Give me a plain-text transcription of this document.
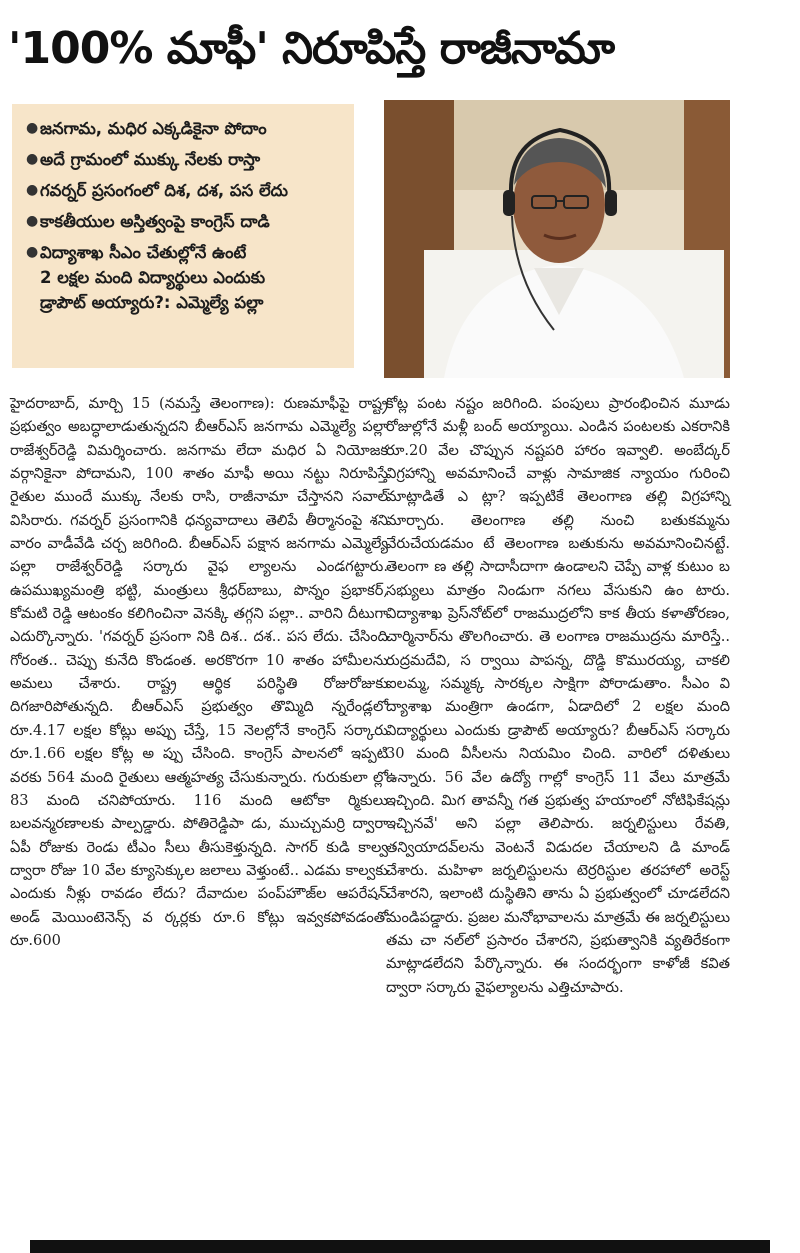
'100% మాఫీ' నిరూపిస్తే రాజీనామా
● జనగామ, మధిర ఎక్కడికైనా పోదాం
● అదే గ్రామంలో ముక్కు నేలకు రాస్తా
● గవర్నర్ ప్రసంగంలో దిశ, దశ, పస లేదు
● కాకతీయుల అస్తిత్వంపై కాంగ్రెస్ దాడి
● విద్యాశాఖ సీఎం చేతుల్లోనే ఉంటే
2 లక్షల మంది విద్యార్థులు ఎందుకు
డ్రాపౌట్ అయ్యారు?: ఎమ్మెల్యే పల్లా

హైదరాబాద్, మార్చి 15 (నమస్తే తెలంగాణ): రుణమాఫీపై రాష్ట్ర ప్రభుత్వం అబద్ధాలాడుతున్నదని బీఆర్ఎస్ జనగామ ఎమ్మెల్యే పల్లా రాజేశ్వర్‌రెడ్డి విమర్శించారు. జనగామ లేదా మధిర ఏ నియోజక వర్గానికైనా పోదామని, 100 శాతం మాఫీ అయి నట్టు నిరూపిస్తే రైతుల ముందే ముక్కు నేలకు రాసి, రాజీనామా చేస్తానని సవాల్ విసిరారు. గవర్నర్ ప్రసంగానికి ధన్యవాదాలు తెలిపే తీర్మానంపై శని వారం వాడీవేడి చర్చ జరిగింది. బీఆర్ఎస్ పక్షాన జనగామ ఎమ్మెల్యే పల్లా రాజేశ్వర్‌రెడ్డి సర్కారు వైఫ ల్యాలను ఎండగట్టారు. ఉపముఖ్యమంత్రి భట్టి, మంత్రులు శ్రీధర్‌బాబు, పొన్నం ప్రభాకర్, కోమటి రెడ్డి ఆటంకం కలిగించినా వెనక్కి తగ్గని పల్లా.. వారిని దీటుగా ఎదుర్కొన్నారు. 'గవర్నర్ ప్రసంగా నికి దిశ.. దశ.. పస లేదు. చేసింది గోరంత.. చెప్పు కునేది కొండంత. అరకొరగా 10 శాతం హామీలను అమలు చేశారు. రాష్ట్ర ఆర్థిక పరిస్థితి రోజురోజుకు దిగజారిపోతున్నది. బీఆర్ఎస్ ప్రభుత్వం తొమ్మిది న్నరేండ్లలో రూ.4.17 లక్షల కోట్లు అప్పు చేస్తే, 15 నెలల్లోనే కాంగ్రెస్ సర్కారు రూ.1.66 లక్షల కోట్ల అ ప్పు చేసింది. కాంగ్రెస్ పాలనలో ఇప్పటి వరకు 564 మంది రైతులు ఆత్మహత్య చేసుకున్నారు. గురుకులా ల్లో 83 మంది చనిపోయారు. 116 మంది ఆటోకా ర్మికులు బలవన్మరణాలకు పాల్పడ్డారు. పోతిరెడ్డిపా డు, ముచ్చుమర్రి ద్వారా ఏపీ రోజుకు రెండు టీఎం సీలు తీసుకెళ్తున్నది. సాగర్ కుడి కాల్వ ద్వారా రోజు 10 వేల క్యూసెక్కుల జలాలు వెళ్తుంటే.. ఎడమ కాల్వకు ఎందుకు నీళ్లు రావడం లేదు? దేవాదుల పంప్‌హౌజ్‌ల ఆపరేషన్ అండ్ మెయింటెనెన్స్ వ ర్కర్లకు రూ.6 కోట్లు ఇవ్వకపోవడంతో రూ.600

కోట్ల పంట నష్టం జరిగింది. పంపులు ప్రారంభించిన మూడు రోజుల్లోనే మళ్లీ బంద్ అయ్యాయి. ఎండిన పంటలకు ఎకరానికి రూ.20 వేల చొప్పున నష్టపరి హారం ఇవ్వాలి. అంబేద్కర్ విగ్రహాన్ని అవమానించే వాళ్లు సామాజిక న్యాయం గురించి మాట్లాడితే ఎ ట్లా? ఇప్పటికే తెలంగాణ తల్లి విగ్రహాన్ని మార్చారు. తెలంగాణ తల్లి నుంచి బతుకమ్మను వేరుచేయడమం టే తెలంగాణ బతుకును అవమానించినట్టే. తెలంగా ణ తల్లి సాదాసీదాగా ఉండాలని చెప్పే వాళ్ల కుటుం బ సభ్యులు మాత్రం నిండుగా నగలు వేసుకుని ఉం టారు. విద్యాశాఖ ప్రెస్‌నోట్‌లో రాజముద్రలోని కాక తీయ కళాతోరణం, చార్మినార్‌ను తొలగించారు. తె లంగాణ రాజముద్రను మారిస్తే.. రుద్రమదేవి, స ర్వాయి పాపన్న, దొడ్డి కొమురయ్య, చాకలి ఐలమ్మ, సమ్మక్క సారక్కల సాక్షిగా పోరాడుతాం. సీఎం వి ద్యాశాఖ మంత్రిగా ఉండగా, ఏడాదిలో 2 లక్షల మంది విద్యార్థులు ఎందుకు డ్రాపౌట్ అయ్యారు? బీఆర్ఎస్ సర్కారు 30 మంది వీసీలను నియమిం చింది. వారిలో దళితులు ఉన్నారు. 56 వేల ఉద్యో గాల్లో కాంగ్రెస్ 11 వేలు మాత్రమే ఇచ్చింది. మిగ తావన్నీ గత ప్రభుత్వ హయాంలో నోటిఫికేషన్లు ఇచ్చినవే' అని పల్లా తెలిపారు. జర్నలిస్టులు రేవతి, తన్వియాదవ్‌లను వెంటనే విడుదల చేయాలని డి మాండ్ చేశారు. మహిళా జర్నలిస్టులను టెర్రరిస్టుల తరహాలో అరెస్ట్ చేశారని, ఇలాంటి దుస్థితిని తాను ఏ ప్రభుత్వంలో చూడలేదని మండిపడ్డారు. ప్రజల మనోభావాలను మాత్రమే ఈ జర్నలిస్టులు తమ చా నల్‌లో ప్రసారం చేశారని, ప్రభుత్వానికి వ్యతిరేకంగా మాట్లాడలేదని పేర్కొన్నారు. ఈ సందర్భంగా కాళోజీ కవిత ద్వారా సర్కారు వైఫల్యాలను ఎత్తిచూపారు.
